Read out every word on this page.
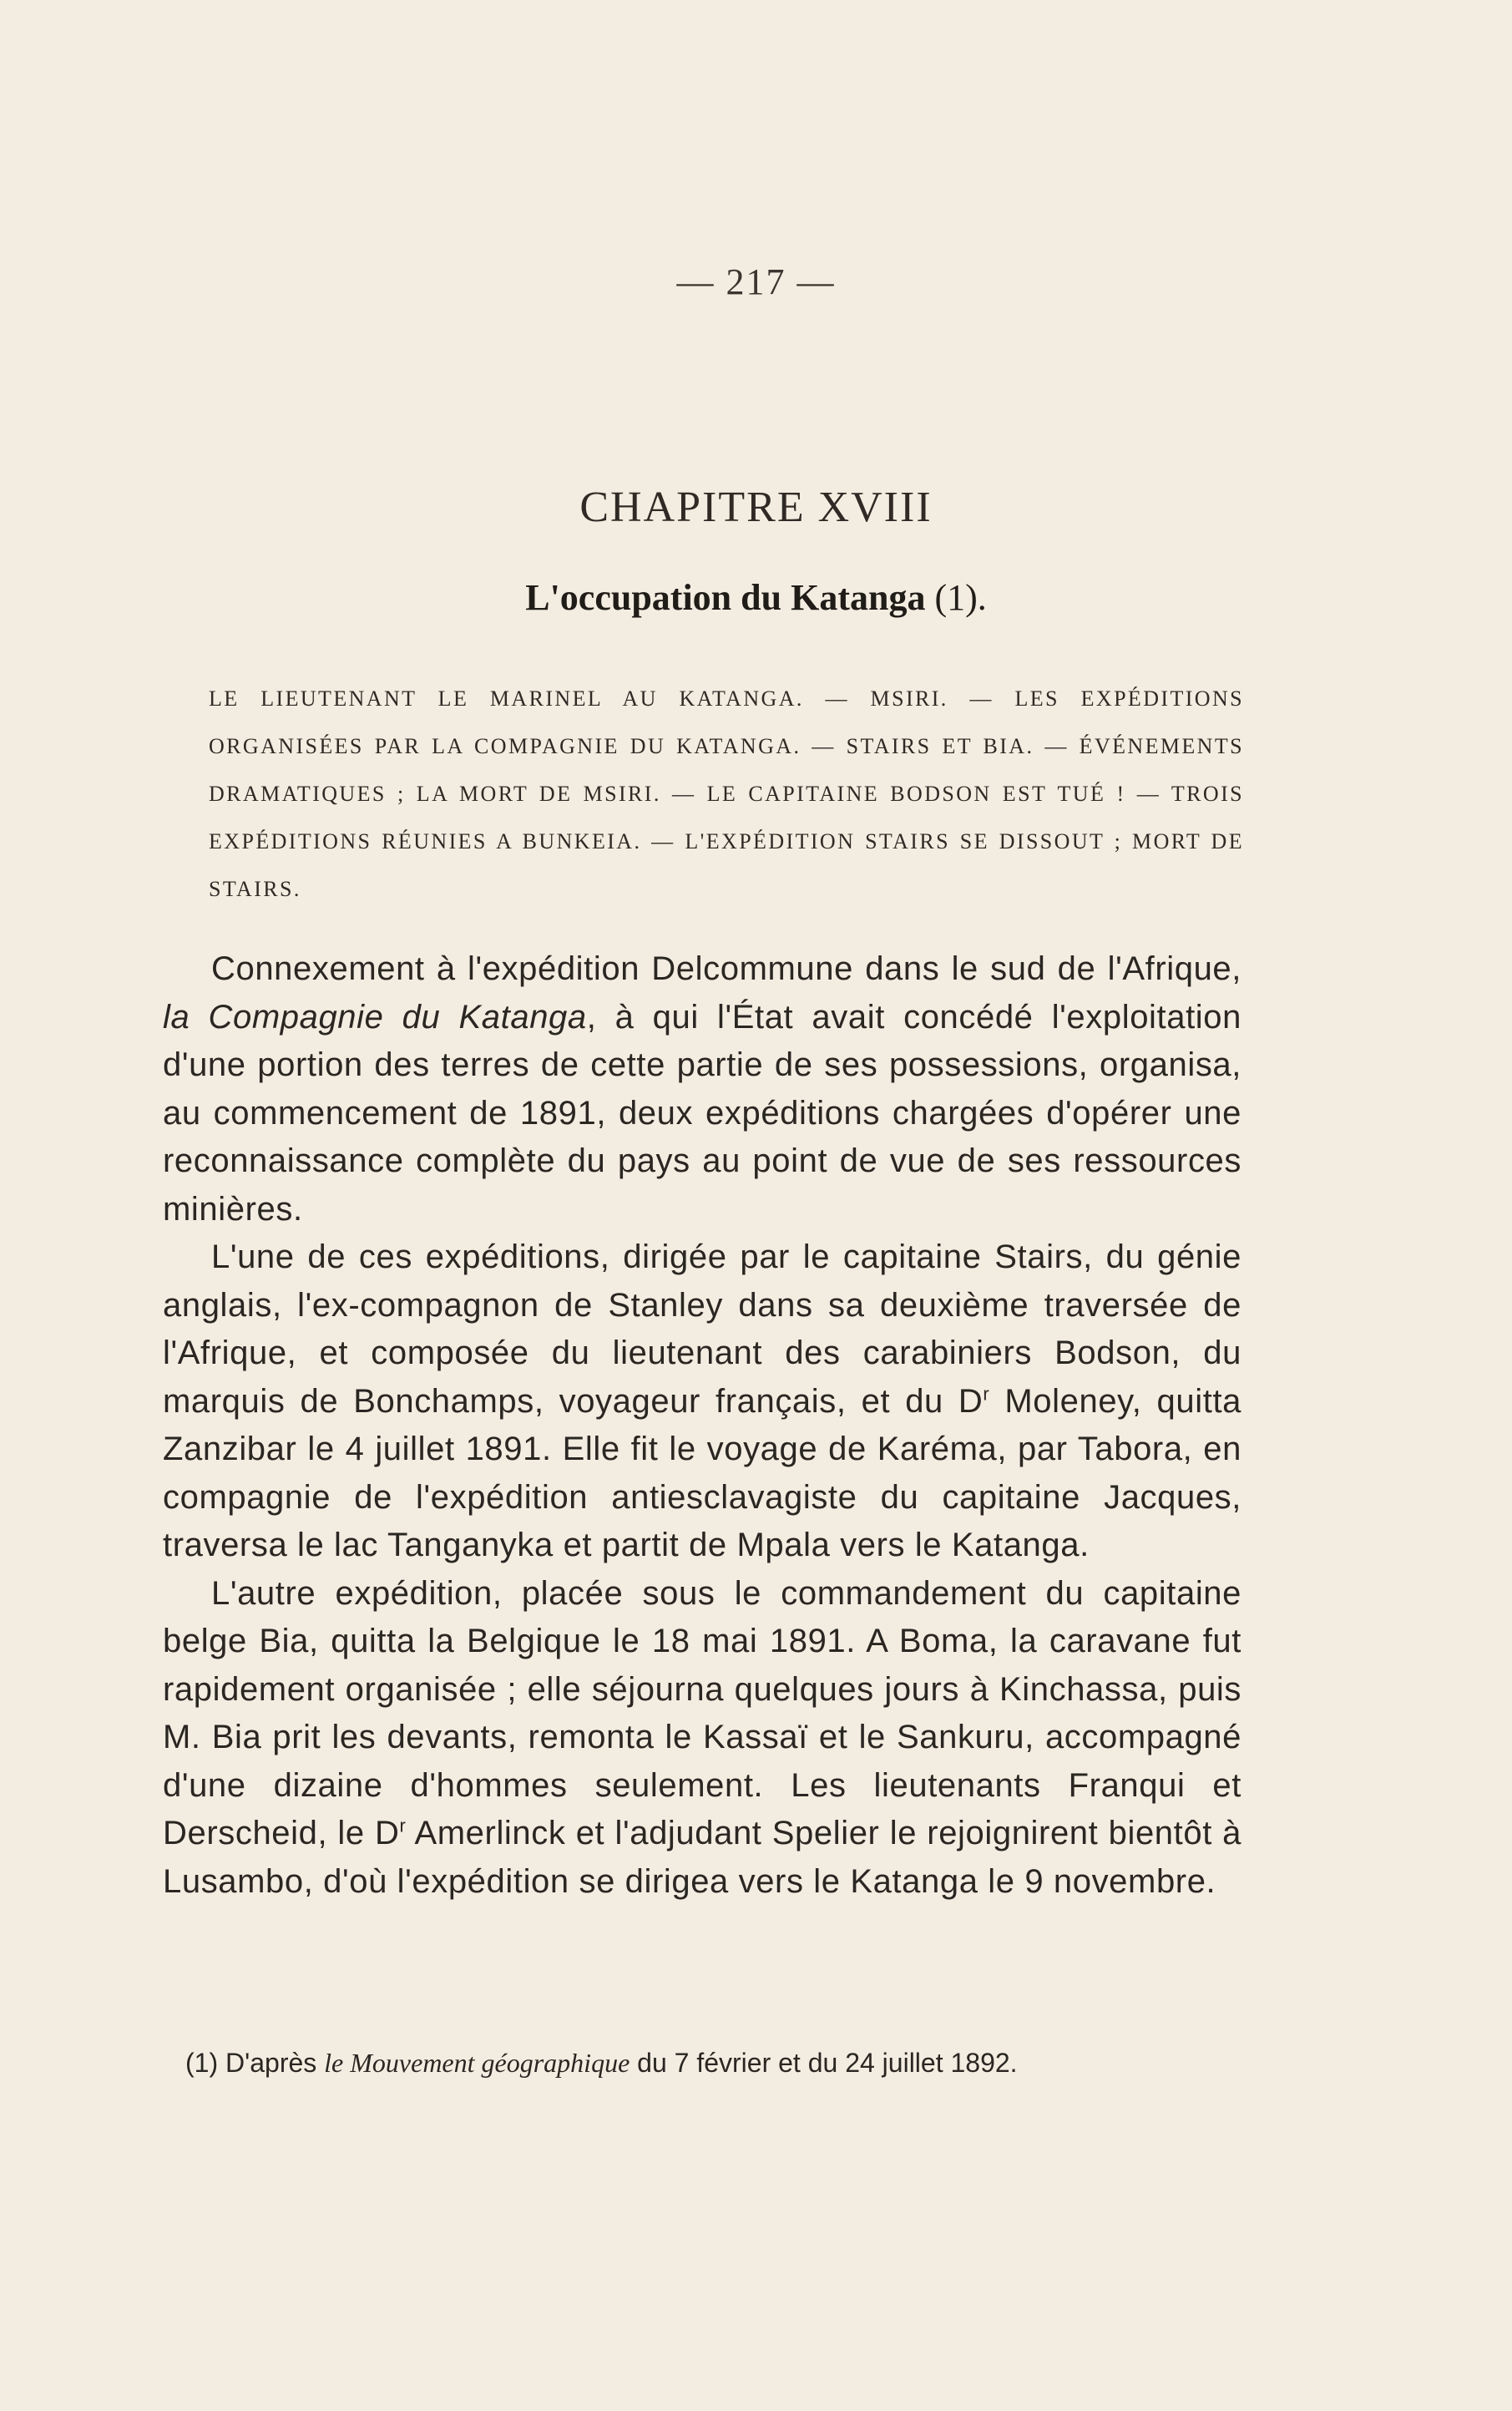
— 217 —
CHAPITRE XVIII
L'occupation du Katanga (1).

LE LIEUTENANT LE MARINEL AU KATANGA. — MSIRI. — LES EXPÉDITIONS ORGANISÉES PAR LA COMPAGNIE DU KATANGA. — STAIRS ET BIA. — ÉVÉNEMENTS DRAMATIQUES ; LA MORT DE MSIRI. — LE CAPITAINE BODSON EST TUÉ ! — TROIS EXPÉDITIONS RÉUNIES A BUNKEIA. — L'EXPÉDITION STAIRS SE DISSOUT ; MORT DE STAIRS.

Connexement à l'expédition Delcommune dans le sud de l'Afrique, la Compagnie du Katanga, à qui l'État avait concédé l'exploitation d'une portion des terres de cette partie de ses possessions, organisa, au commencement de 1891, deux expéditions chargées d'opérer une reconnaissance complète du pays au point de vue de ses ressources minières.

L'une de ces expéditions, dirigée par le capitaine Stairs, du génie anglais, l'ex-compagnon de Stanley dans sa deuxième traversée de l'Afrique, et composée du lieutenant des carabiniers Bodson, du marquis de Bonchamps, voyageur français, et du $D^r$ Moleney, quitta Zanzibar le 4 juillet 1891. Elle fit le voyage de Karéma, par Tabora, en compagnie de l'expédition antiesclavagiste du capitaine Jacques, traversa le lac Tanganyka et partit de Mpala vers le Katanga.

L'autre expédition, placée sous le commandement du capitaine belge Bia, quitta la Belgique le 18 mai 1891. A Boma, la caravane fut rapidement organisée ; elle séjourna quelques jours à Kinchassa, puis M. Bia prit les devants, remonta le Kassaï et le Sankuru, accompagné d'une dizaine d'hommes seulement. Les lieutenants Franqui et Derscheid, le $D^r$ Amerlinck et l'adjudant Spelier le rejoignirent bientôt à Lusambo, d'où l'expédition se dirigea vers le Katanga le 9 novembre.

(1) D'après le Mouvement géographique du 7 février et du 24 juillet 1892.
